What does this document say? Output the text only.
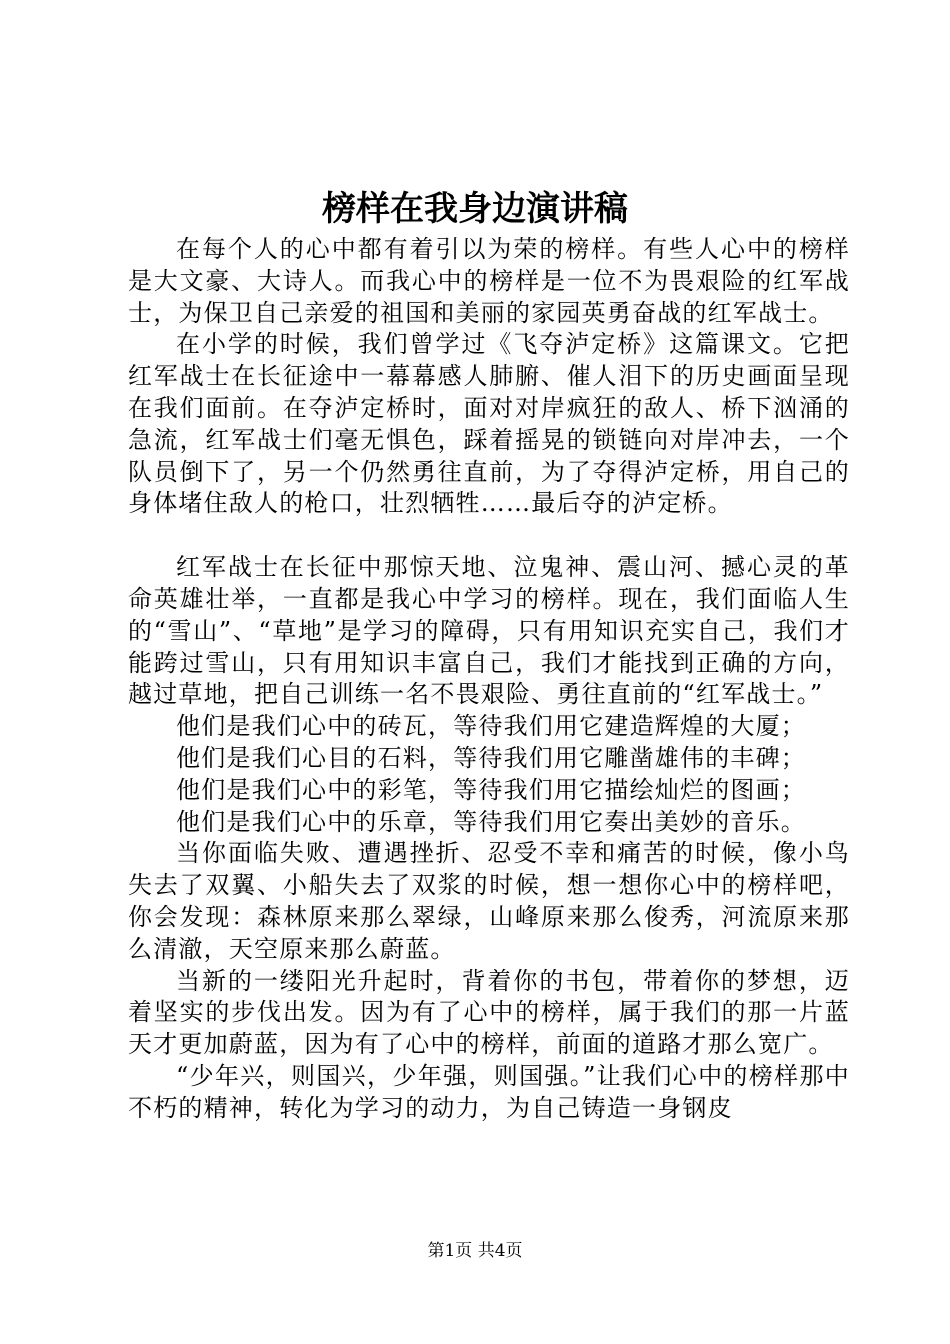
榜样在我身边演讲稿

在每个人的心中都有着引以为荣的榜样。有些人心中的榜样是大文豪、大诗人。而我心中的榜样是一位不为畏艰险的红军战士，为保卫自己亲爱的祖国和美丽的家园英勇奋战的红军战士。

在小学的时候，我们曾学过《飞夺泸定桥》这篇课文。它把红军战士在长征途中一幕幕感人肺腑、催人泪下的历史画面呈现在我们面前。在夺泸定桥时，面对对岸疯狂的敌人、桥下汹涌的急流，红军战士们毫无惧色，踩着摇晃的锁链向对岸冲去，一个队员倒下了，另一个仍然勇往直前，为了夺得泸定桥，用自己的身体堵住敌人的枪口，壮烈牺牲……最后夺的泸定桥。

红军战士在长征中那惊天地、泣鬼神、震山河、撼心灵的革命英雄壮举，一直都是我心中学习的榜样。现在，我们面临人生的“雪山”、“草地”是学习的障碍，只有用知识充实自己，我们才能跨过雪山，只有用知识丰富自己，我们才能找到正确的方向，越过草地，把自己训练一名不畏艰险、勇往直前的“红军战士。”

他们是我们心中的砖瓦，等待我们用它建造辉煌的大厦；

他们是我们心目的石料，等待我们用它雕凿雄伟的丰碑；

他们是我们心中的彩笔，等待我们用它描绘灿烂的图画；

他们是我们心中的乐章，等待我们用它奏出美妙的音乐。

当你面临失败、遭遇挫折、忍受不幸和痛苦的时候，像小鸟失去了双翼、小船失去了双浆的时候，想一想你心中的榜样吧，你会发现：森林原来那么翠绿，山峰原来那么俊秀，河流原来那么清澈，天空原来那么蔚蓝。

当新的一缕阳光升起时，背着你的书包，带着你的梦想，迈着坚实的步伐出发。因为有了心中的榜样，属于我们的那一片蓝天才更加蔚蓝，因为有了心中的榜样，前面的道路才那么宽广。

“少年兴，则国兴，少年强，则国强。”让我们心中的榜样那中不朽的精神，转化为学习的动力，为自己铸造一身钢皮

第1页 共4页
